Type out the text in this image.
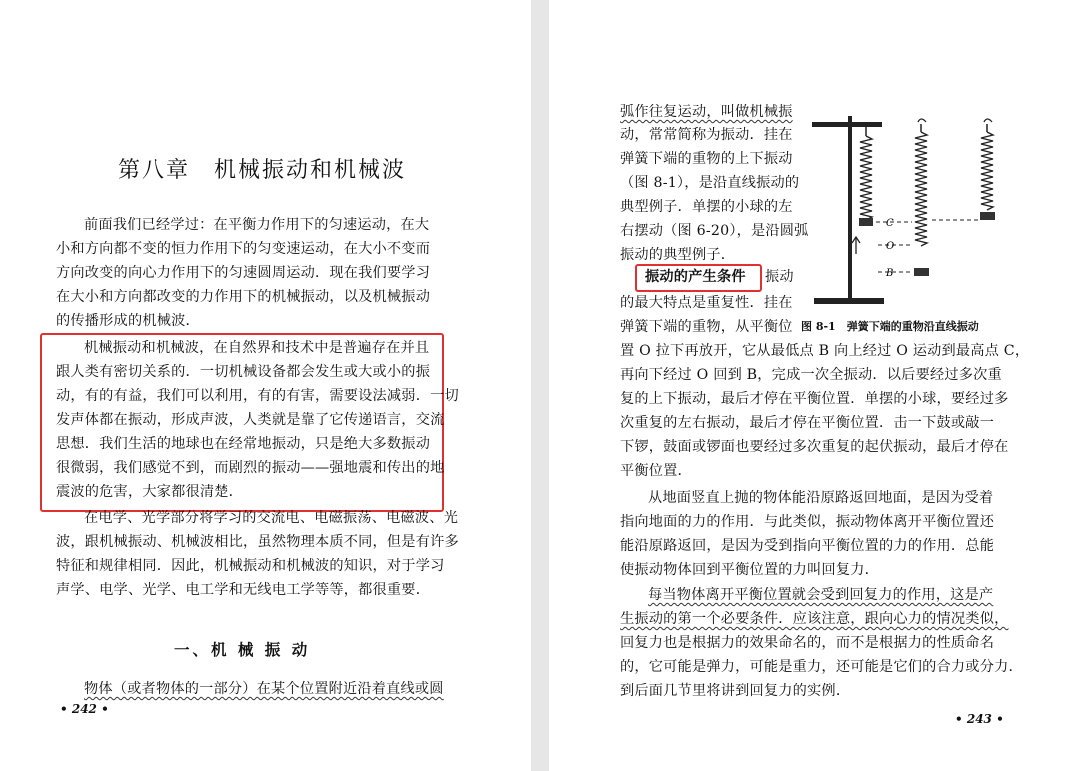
第八章　机械振动和机械波
前面我们已经学过：在平衡力作用下的匀速运动，在大
小和方向都不变的恒力作用下的匀变速运动，在大小不变而
方向改变的向心力作用下的匀速圆周运动．现在我们要学习
在大小和方向都改变的力作用下的机械振动，以及机械振动
的传播形成的机械波．
机械振动和机械波，在自然界和技术中是普遍存在并且
跟人类有密切关系的．一切机械设备都会发生或大或小的振
动，有的有益，我们可以利用，有的有害，需要设法减弱．一切
发声体都在振动，形成声波，人类就是靠了它传递语言，交流
思想．我们生活的地球也在经常地振动，只是绝大多数振动
很微弱，我们感觉不到，而剧烈的振动——强地震和传出的地
震波的危害，大家都很清楚．
在电学、光学部分将学习的交流电、电磁振荡、电磁波、光
波，跟机械振动、机械波相比，虽然物理本质不同，但是有许多
特征和规律相同．因此，机械振动和机械波的知识，对于学习
声学、电学、光学、电工学和无线电工学等等，都很重要．
一、机 械 振 动
物体（或者物体的一部分）在某个位置附近沿着直线或圆
• 242 •
弧作往复运动，叫做机械振
动，常常简称为振动．挂在
弹簧下端的重物的上下振动
（图 8-1），是沿直线振动的
典型例子．单摆的小球的左
右摆动（图 6-20），是沿圆弧
振动的典型例子．
振动的产生条件 振动
的最大特点是重复性．挂在
弹簧下端的重物，从平衡位
置 O 拉下再放开，它从最低点 B 向上经过 O 运动到最高点 C，
再向下经过 O 回到 B，完成一次全振动．以后要经过多次重
复的上下振动，最后才停在平衡位置．单摆的小球，要经过多
次重复的左右振动，最后才停在平衡位置．击一下鼓或敲一
下锣，鼓面或锣面也要经过多次重复的起伏振动，最后才停在
平衡位置．
从地面竖直上抛的物体能沿原路返回地面，是因为受着
指向地面的力的作用．与此类似，振动物体离开平衡位置还
能沿原路返回，是因为受到指向平衡位置的力的作用．总能
使振动物体回到平衡位置的力叫回复力．
每当物体离开平衡位置就会受到回复力的作用，这是产
生振动的第一个必要条件．应该注意，跟向心力的情况类似，
回复力也是根据力的效果命名的，而不是根据力的性质命名
的，它可能是弹力，可能是重力，还可能是它们的合力或分力．
到后面几节里将讲到回复力的实例．
• 243 •
C
O
B
图 8-1　弹簧下端的重物沿直线振动
